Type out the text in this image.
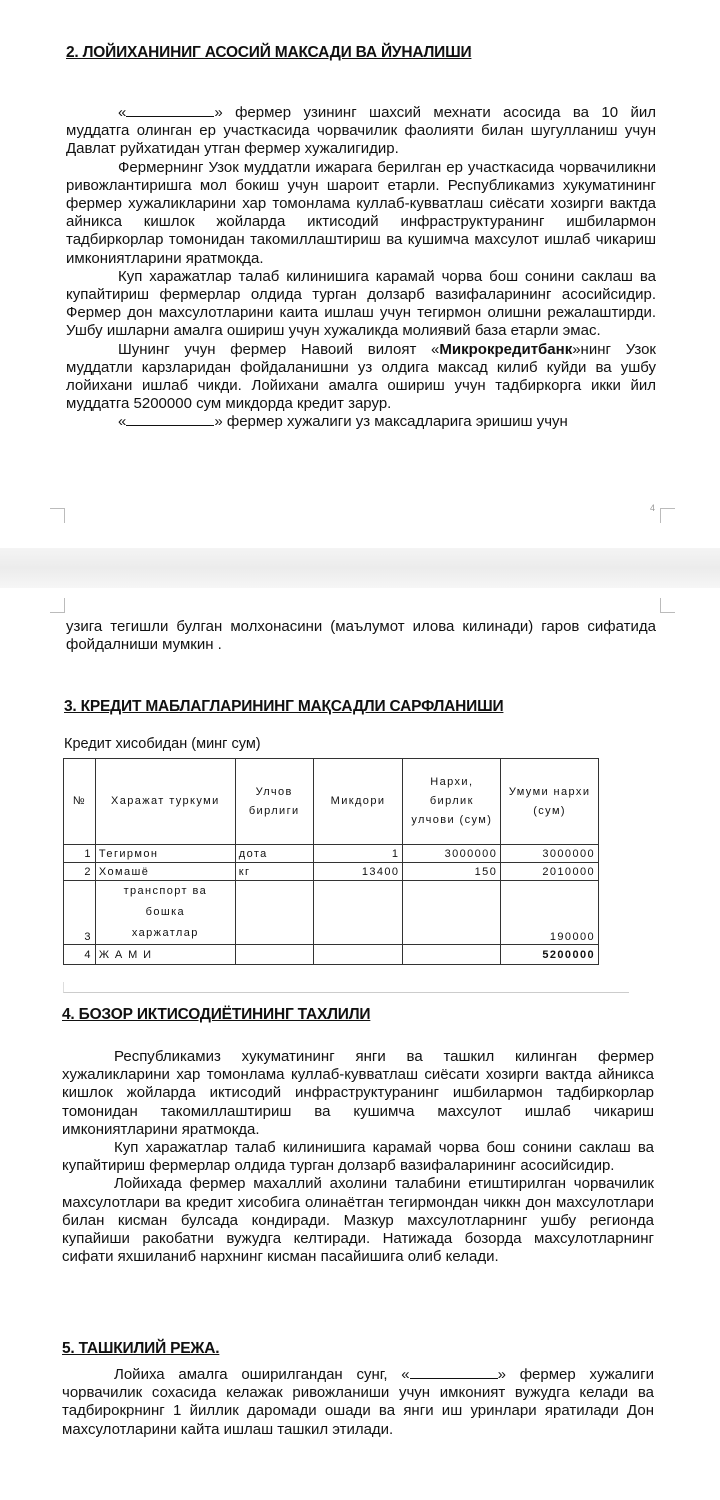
2. ЛОЙИХАНИНИГ АСОСИЙ МАКСАДИ ВА ЙУНАЛИШИ

«	» фермер узининг шахсий мехнати асосида ва 10 йил муддатга олинган ер участкасида чорвачилик фаолияти билан шугулланиш учун Давлат руйхатидан утган фермер хужалигидир.

Фермернинг Узок муддатли ижарага берилган ер участкасида чорвачиликни ривожлантиришга мол бокиш учун шароит етарли. Республикамиз хукуматининг фермер хужаликларини хар томонлама куллаб-кувватлаш сиёсати хозирги вактда айникса кишлок жойларда иктисодий инфраструктуранинг ишбилармон тадбиркорлар томонидан такомиллаштириш ва кушимча махсулот ишлаб чикариш имкониятларини яратмокда.

Куп харажатлар талаб килинишига карамай чорва бош сонини саклаш ва купайтириш фермерлар олдида турган долзарб вазифаларининг асосийсидир. Фермер дон махсулотларини каита ишлаш учун тегирмон олишни режалаштирди. Ушбу ишларни амалга ошириш учун хужаликда молиявий база етарли эмас.

Шунинг учун фермер Навоий вилоят «Микрокредитбанк»нинг Узок муддатли карзларидан фойдаланишни уз олдига максад килиб куйди ва ушбу лойихани ишлаб чикди. Лойихани амалга ошириш учун тадбиркорга икки йил муддатга 5200000 сум микдорда кредит зарур.

«	» фермер хужалиги уз максадларига эришиш учун

4

узига тегишли булган молхонасини (маълумот илова килинади) гаров сифатида фойдалниши мумкин .

3. КРЕДИТ МАБЛАГЛАРИНИНГ МАҚСАДЛИ САРФЛАНИШИ
Кредит хисобидан (минг сум)
№	Харажат туркуми	Улчов бирлиги	Микдори	Нархи, бирлик улчови (сум)	Умуми нархи (сум)
1	Тегирмон	дота	1	3000000	3000000
2	Хомашё	кг	13400	150	2010000
3	транспорт ва бошка харжатлар				190000
4	Ж А М И				5200000
4. БОЗОР ИКТИСОДИЁТИНИНГ ТАХЛИЛИ

Республикамиз хукуматининг янги ва ташкил килинган фермер хужаликларини хар томонлама куллаб-кувватлаш сиёсати хозирги вактда айникса кишлок жойларда иктисодий инфраструктуранинг ишбилармон тадбиркорлар томонидан такомиллаштириш ва кушимча махсулот ишлаб чикариш имкониятларини яратмокда.

Куп харажатлар талаб килинишига карамай чорва бош сонини саклаш ва купайтириш фермерлар олдида турган долзарб вазифаларининг асосийсидир.

Лойихада фермер махаллий ахолини талабини етиштирилган чорвачилик махсулотлари ва кредит хисобига олинаётган тегирмондан чиккн дон махсулотлари билан кисман булсада кондиради. Мазкур махсулотларнинг ушбу регионда купайиши ракобатни вужудга келтиради. Натижада бозорда махсулотларнинг сифати яхшиланиб нархнинг кисман пасайишига олиб келади.

5. ТАШКИЛИЙ РЕЖА.

Лойиха амалга оширилгандан сунг, «	» фермер хужалиги чорвачилик сохасида келажак ривожланиши учун имконият вужудга келади ва тадбирокрнинг 1 йиллик даромади ошади ва янги иш уринлари яратилади Дон махсулотларини кайта ишлаш ташкил этилади.
